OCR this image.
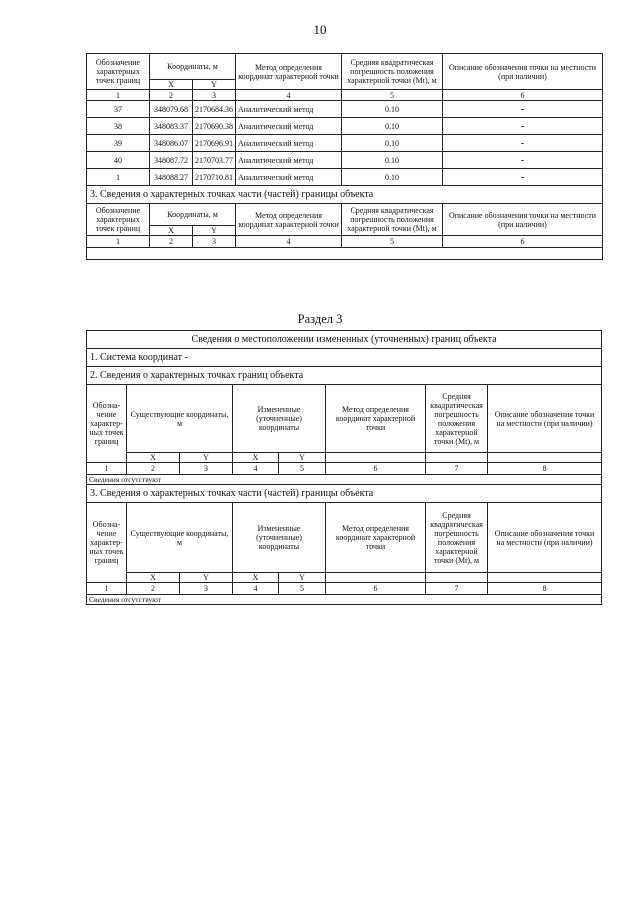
10
Обозначение характерных точек границ	Координаты, м		Метод определения координат характерной точки	Средняя квадратическая погрешность положения характерной точки (Mt), м	Описание обозначения точки на местности (при наличии)
	X	Y			
1	2	3	4	5	6
37	348079.68	2170684.36	Аналитический метод	0.10	-
38	348083.37	2170690.38	Аналитический метод	0.10	-
39	348086.07	2170696.91	Аналитический метод	0.10	-
40	348087.72	2170703.77	Аналитический метод	0.10	-
1	348088.27	2170710.81	Аналитический метод	0.10	-
3. Сведения о характерных точках части (частей) границы объекта					
Обозначение характерных точек границ	Координаты, м		Метод определения координат характерной точки	Средняя квадратическая погрешность положения характерной точки (Mt), м	Описание обозначения точки на местности (при наличии)
	X	Y			
1	2	3	4	5	6

Раздел 3
Сведения о местоположении измененных (уточненных) границ объекта							
1. Система координат -							
2. Сведения о характерных точках границ объекта							
Обозна-чение характер-ных точек границ	Существующие координаты, м		Измененные (уточненные) координаты		Метод определения координат характерной точки	Средняя квадратическая погрешность положения характерной точки (Mt), м	Описание обозначения точки на местности (при наличии)
	X	Y	X	Y			
1	2	3	4	5	6	7	8
Сведения отсутствуют							
3. Сведения о характерных точках части (частей) границы объекта							
Обозна-чение характер-ных точек границ	Существующие координаты, м		Измененные (уточненные) координаты		Метод определения координат характерной точки	Средняя квадратическая погрешность положения характерной точки (Mt), м	Описание обозначения точки на местности (при наличии)
	X	Y	X	Y			
1	2	3	4	5	6	7	8
Сведения отсутствуют							
